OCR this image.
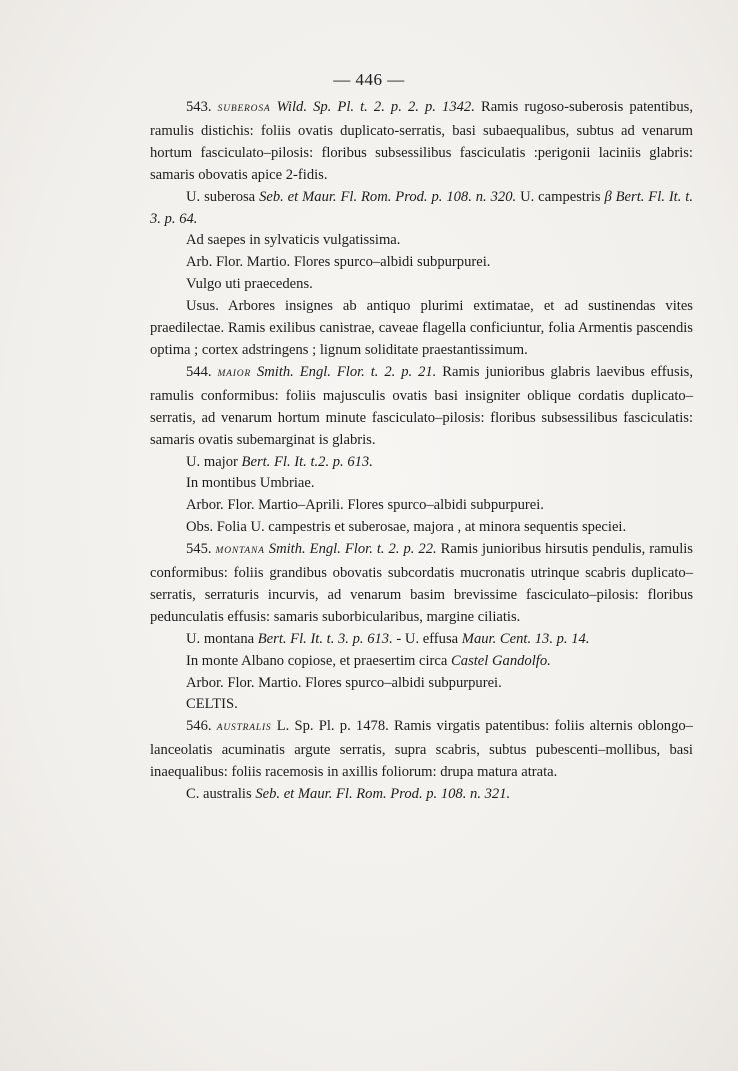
— 446 —

543. SUBEROSA Wild. Sp. Pl. t. 2. p. 2. p. 1342. Ramis rugoso-suberosis patentibus, ramulis distichis: foliis ovatis duplicato-serratis, basi subaequalibus, subtus ad venarum hortum fasciculato–pilosis: floribus subsessilibus fasciculatis :perigonii laciniis glabris: samaris obovatis apice 2-fidis.

U. suberosa Seb. et Maur. Fl. Rom. Prod. p. 108. n. 320. U. campestris β Bert. Fl. It. t. 3. p. 64.

Ad saepes in sylvaticis vulgatissima.

Arb. Flor. Martio. Flores spurco–albidi subpurpurei.

Vulgo uti praecedens.

Usus. Arbores insignes ab antiquo plurimi extimatae, et ad sustinendas vites praedilectae. Ramis exilibus canistrae, caveae flagella conficiuntur, folia Armentis pascendis optima ; cortex adstringens ; lignum soliditate praestantissimum.

544. MAIOR Smith. Engl. Flor. t. 2. p. 21. Ramis junioribus glabris laevibus effusis, ramulis conformibus: foliis majusculis ovatis basi insigniter oblique cordatis duplicato–serratis, ad venarum hortum minute fasciculato–pilosis: floribus subsessilibus fasciculatis: samaris ovatis subemarginat is glabris.

U. major Bert. Fl. It. t.2. p. 613.

In montibus Umbriae.

Arbor. Flor. Martio–Aprili. Flores spurco–albidi subpurpurei.

Obs. Folia U. campestris et suberosae, majora , at minora sequentis speciei.

545. MONTANA Smith. Engl. Flor. t. 2. p. 22. Ramis junioribus hirsutis pendulis, ramulis conformibus: foliis grandibus obovatis subcordatis mucronatis utrinque scabris duplicato–serratis, serraturis incurvis, ad venarum basim brevissime fasciculato–pilosis: floribus pedunculatis effusis: samaris suborbicularibus, margine ciliatis.

U. montana Bert. Fl. It. t. 3. p. 613. - U. effusa Maur. Cent. 13. p. 14.

In monte Albano copiose, et praesertim circa Castel Gandolfo.

Arbor. Flor. Martio. Flores spurco–albidi subpurpurei.

CELTIS.

546. AUSTRALIS L. Sp. Pl. p. 1478. Ramis virgatis patentibus: foliis alternis oblongo–lanceolatis acuminatis argute serratis, supra scabris, subtus pubescenti–mollibus, basi inaequalibus: foliis racemosis in axillis foliorum: drupa matura atrata.

C. australis Seb. et Maur. Fl. Rom. Prod. p. 108. n. 321.
